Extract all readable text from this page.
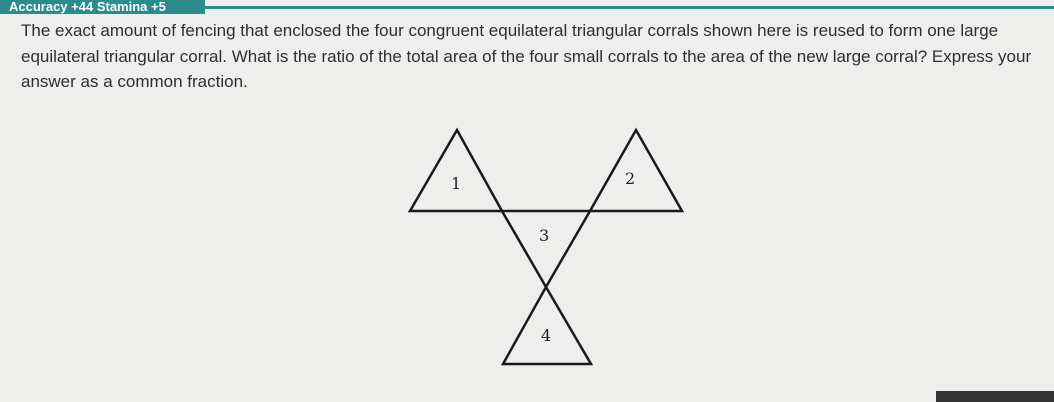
Accuracy +44 Stamina +5
The exact amount of fencing that enclosed the four congruent equilateral triangular corrals shown here is reused to form one large equilateral triangular corral. What is the ratio of the total area of the four small corrals to the area of the new large corral? Express your answer as a common fraction.
1	2
3
4
